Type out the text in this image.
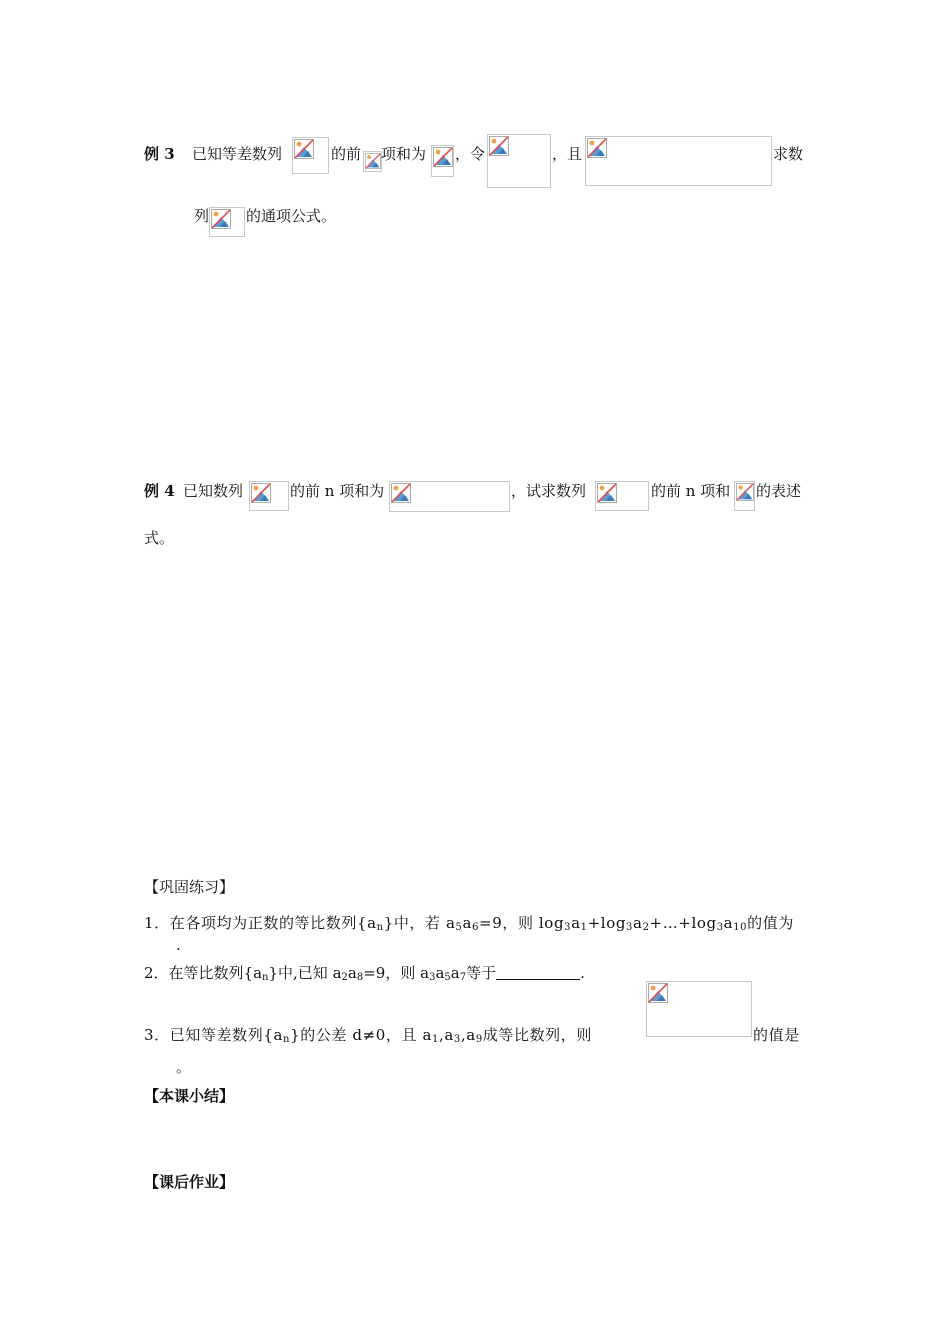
例 3 已知等差数列	的前 项和为 ，令	，且	求数
列 的通项公式。
例 4 已知数列	的前 n 项和为	，试求数列	的前 n 项和 的表述
式。
【巩固练习】
1．在各项均为正数的等比数列$\{a_n\}$中，若 $a_5a_6=9$，则 $\log_3a_1+\log_3a_2+\dots+\log_3a_{10}$的值为
.
2．在等比数列$\{a_n\}$中,已知 $a_2a_8=9$，则 $a_3a_5a_7$等于	.
3．已知等差数列$\{a_n\}$的公差 d≠0，且 $a_1,a_3,a_9$成等比数列，则	的值是
。
【本课小结】
【课后作业】
